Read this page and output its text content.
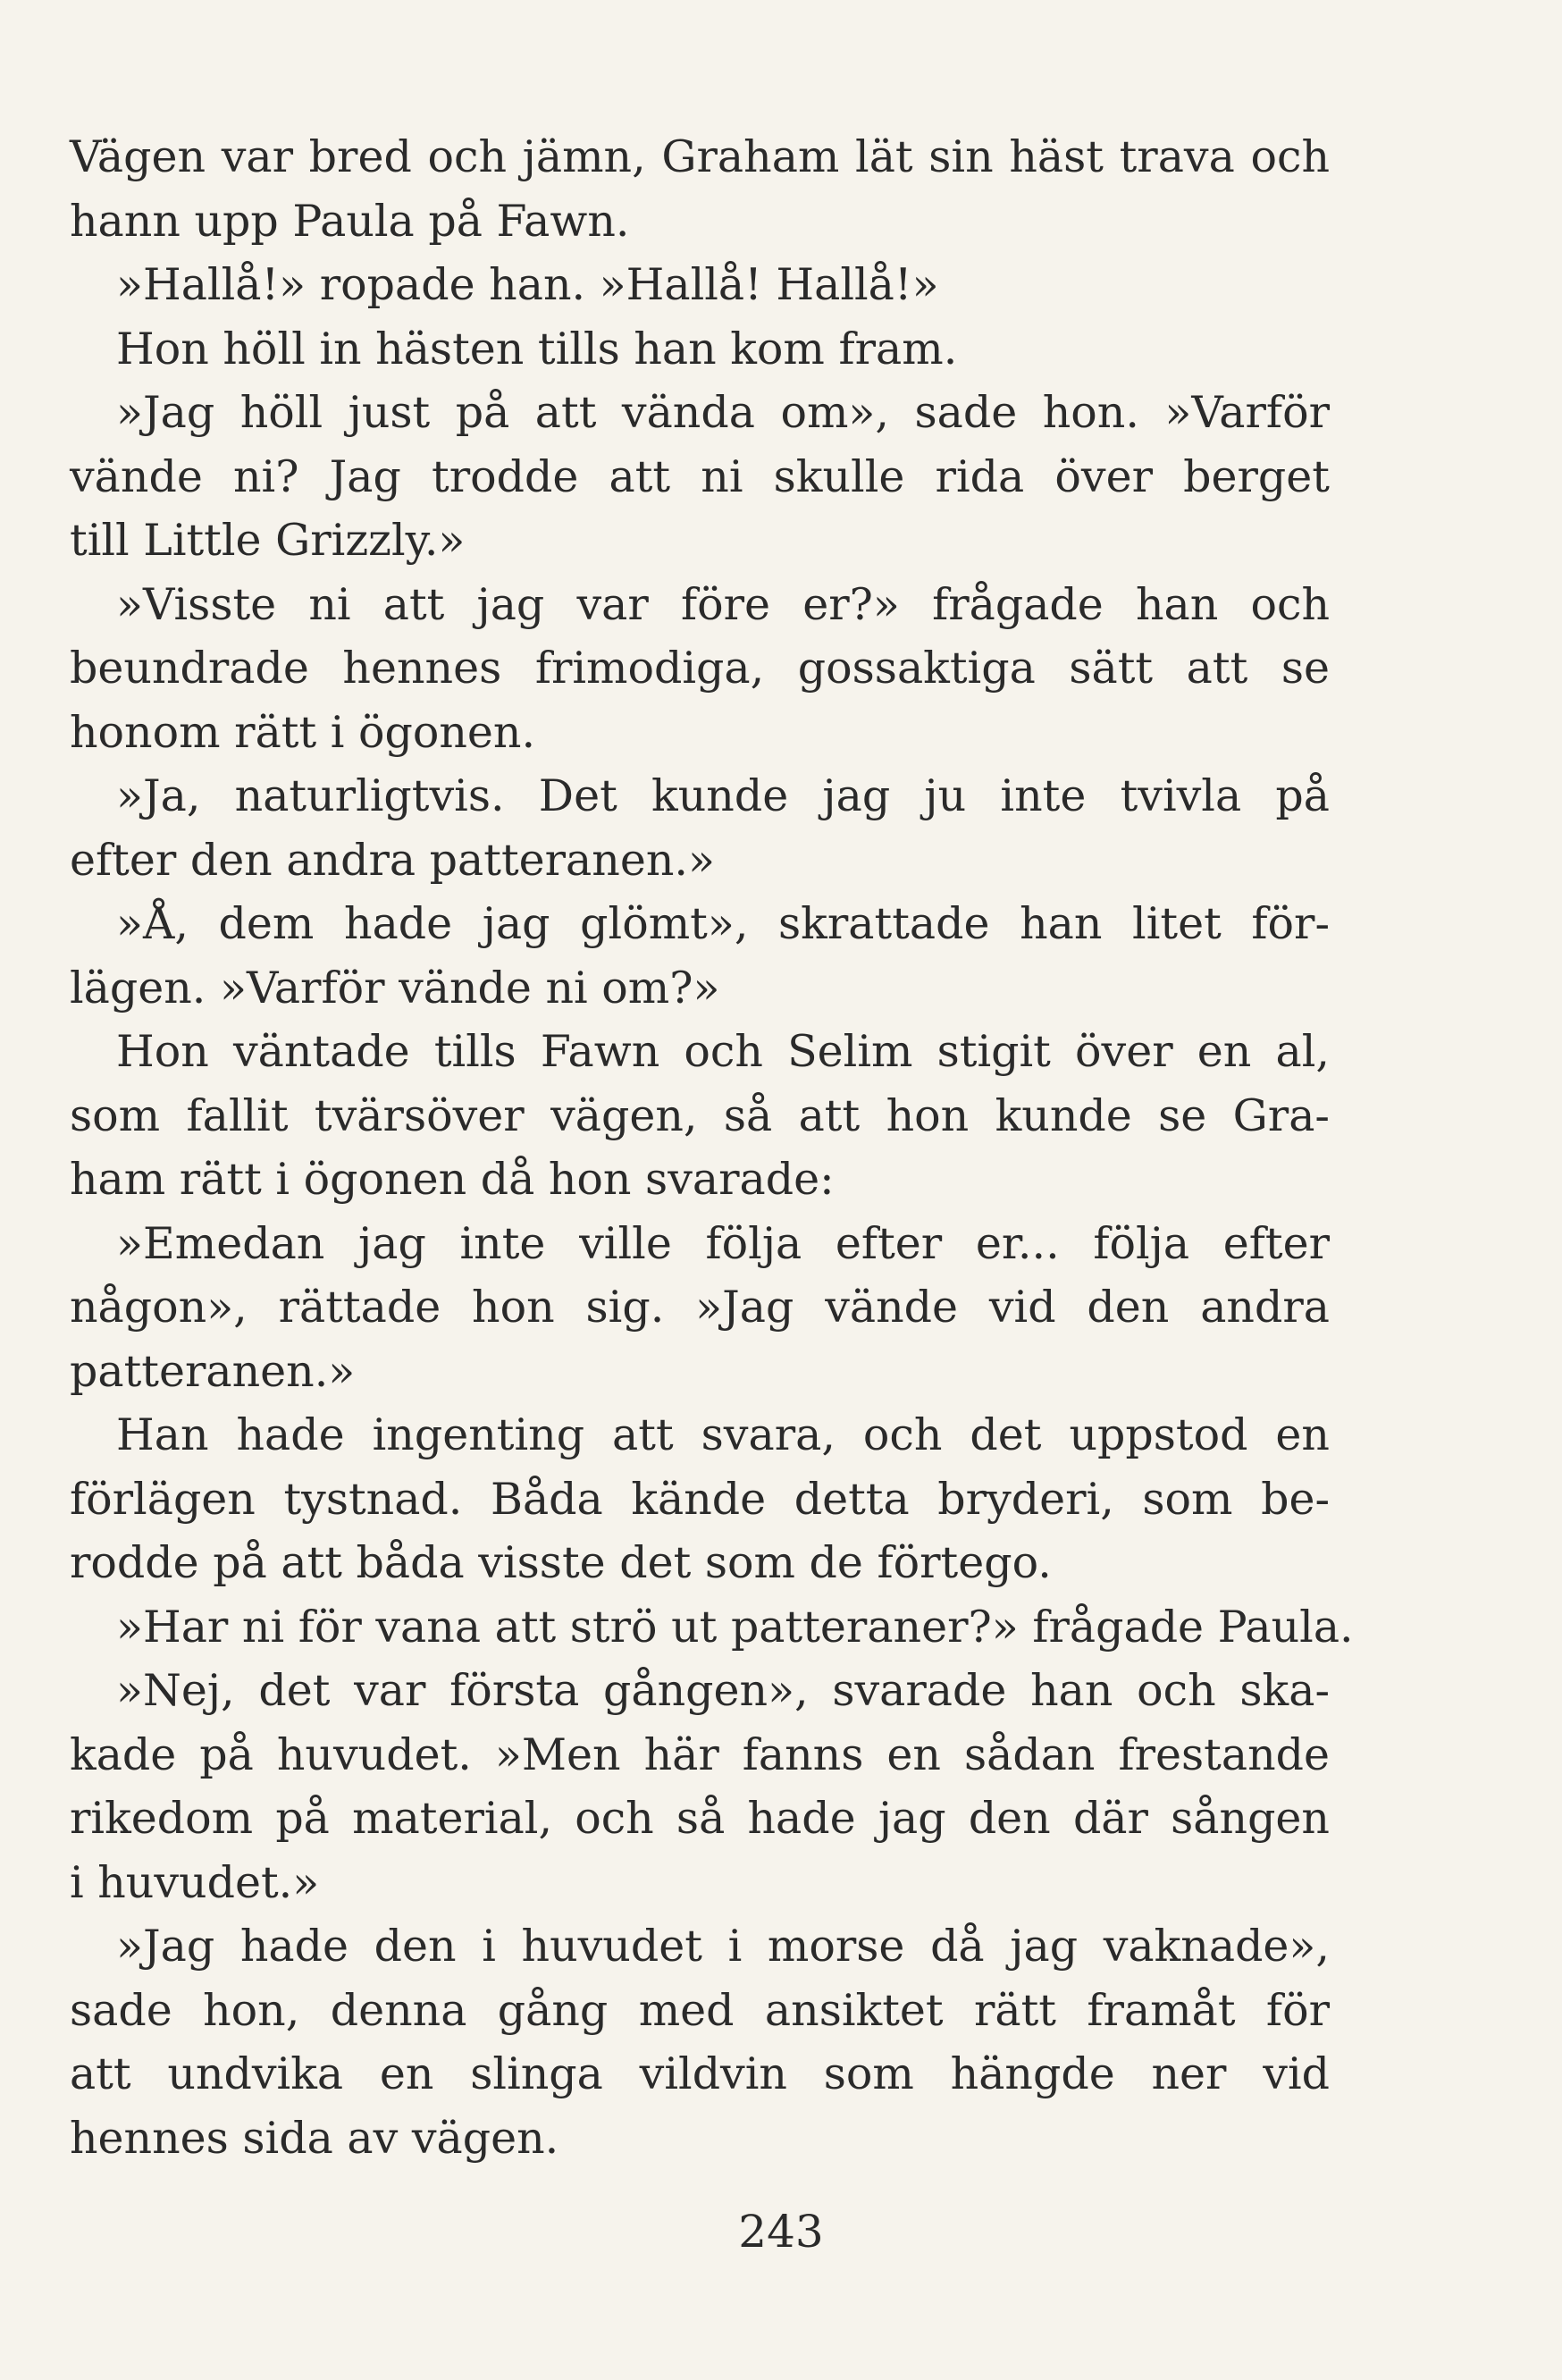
Vägen var bred och jämn, Graham lät sin häst trava och
hann upp Paula på Fawn.
»Hallå!» ropade han. »Hallå! Hallå!»
Hon höll in hästen tills han kom fram.
»Jag höll just på att vända om», sade hon. »Varför
vände ni? Jag trodde att ni skulle rida över berget
till Little Grizzly.»
»Visste ni att jag var före er?» frågade han och
beundrade hennes frimodiga, gossaktiga sätt att se
honom rätt i ögonen.
»Ja, naturligtvis. Det kunde jag ju inte tvivla på
efter den andra patteranen.»
»Å, dem hade jag glömt», skrattade han litet för-
lägen. »Varför vände ni om?»
Hon väntade tills Fawn och Selim stigit över en al,
som fallit tvärsöver vägen, så att hon kunde se Gra-
ham rätt i ögonen då hon svarade:
»Emedan jag inte ville följa efter er... följa efter
någon», rättade hon sig. »Jag vände vid den andra
patteranen.»
Han hade ingenting att svara, och det uppstod en
förlägen tystnad. Båda kände detta bryderi, som be-
rodde på att båda visste det som de förtego.
»Har ni för vana att strö ut patteraner?» frågade Paula.
»Nej, det var första gången», svarade han och ska-
kade på huvudet. »Men här fanns en sådan frestande
rikedom på material, och så hade jag den där sången
i huvudet.»
»Jag hade den i huvudet i morse då jag vaknade»,
sade hon, denna gång med ansiktet rätt framåt för
att undvika en slinga vildvin som hängde ner vid
hennes sida av vägen.
243
